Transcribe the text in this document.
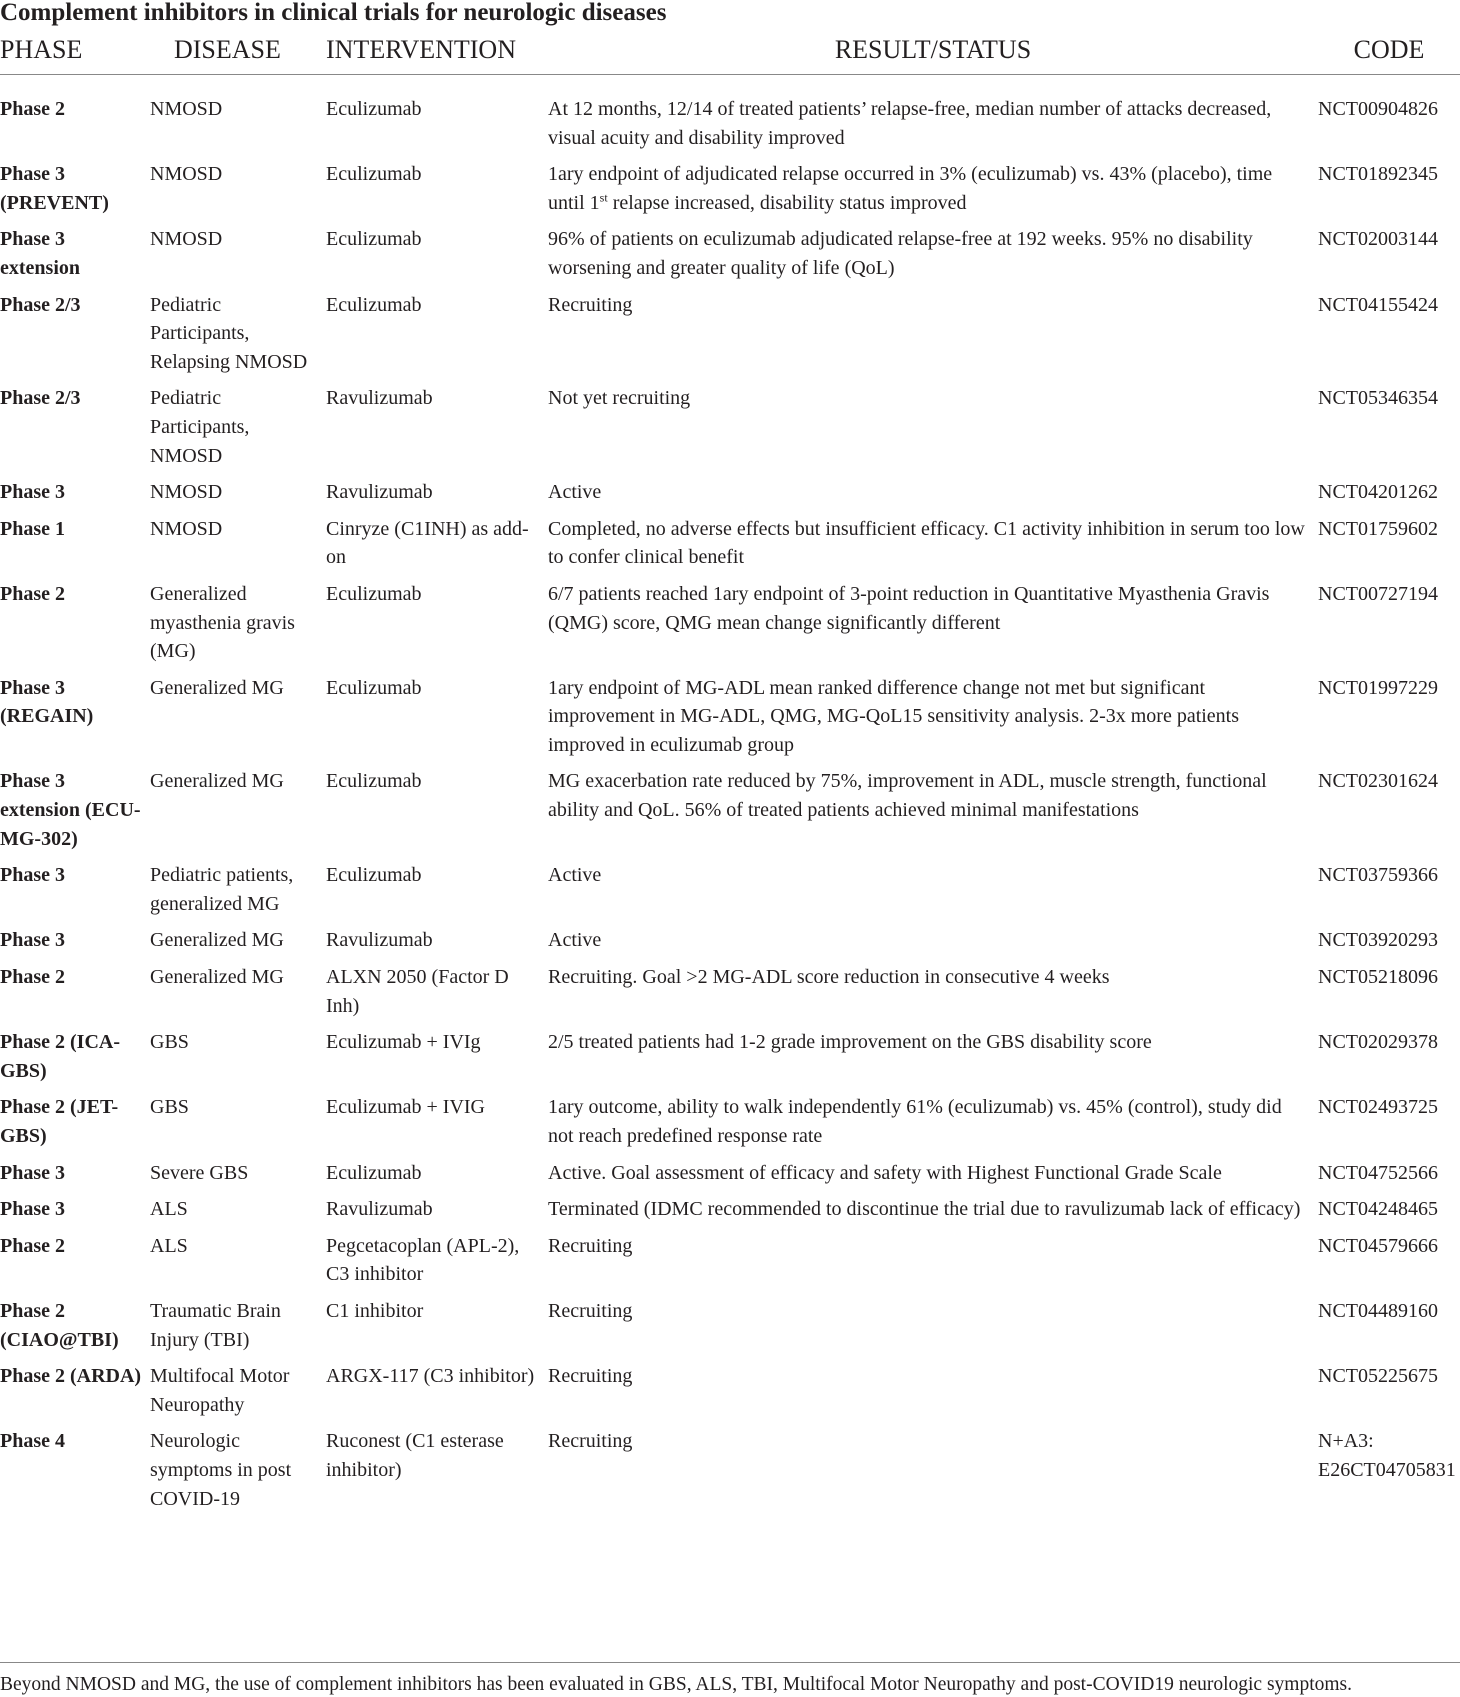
Complement inhibitors in clinical trials for neurologic diseases
PHASE	DISEASE	INTERVENTION	RESULT/STATUS	CODE
Phase 2	NMOSD	Eculizumab	At 12 months, 12/14 of treated patients’ relapse-free, median number of attacks decreased, visual acuity and disability improved	NCT00904826
Phase 3 (PREVENT)	NMOSD	Eculizumab	1ary endpoint of adjudicated relapse occurred in 3% (eculizumab) vs. 43% (placebo), time until 1st relapse increased, disability status improved	NCT01892345
Phase 3 extension	NMOSD	Eculizumab	96% of patients on eculizumab adjudicated relapse-free at 192 weeks. 95% no disability worsening and greater quality of life (QoL)	NCT02003144
Phase 2/3	Pediatric Participants, Relapsing NMOSD	Eculizumab	Recruiting	NCT04155424
Phase 2/3	Pediatric Participants, NMOSD	Ravulizumab	Not yet recruiting	NCT05346354
Phase 3	NMOSD	Ravulizumab	Active	NCT04201262
Phase 1	NMOSD	Cinryze (C1INH) as add-on	Completed, no adverse effects but insufficient efficacy. C1 activity inhibition in serum too low to confer clinical benefit	NCT01759602
Phase 2	Generalized myasthenia gravis (MG)	Eculizumab	6/7 patients reached 1ary endpoint of 3-point reduction in Quantitative Myasthenia Gravis (QMG) score, QMG mean change significantly different	NCT00727194
Phase 3 (REGAIN)	Generalized MG	Eculizumab	1ary endpoint of MG-ADL mean ranked difference change not met but significant improvement in MG-ADL, QMG, MG-QoL15 sensitivity analysis. 2-3x more patients improved in eculizumab group	NCT01997229
Phase 3 extension (ECU-MG-302)	Generalized MG	Eculizumab	MG exacerbation rate reduced by 75%, improvement in ADL, muscle strength, functional ability and QoL. 56% of treated patients achieved minimal manifestations	NCT02301624
Phase 3	Pediatric patients, generalized MG	Eculizumab	Active	NCT03759366
Phase 3	Generalized MG	Ravulizumab	Active	NCT03920293
Phase 2	Generalized MG	ALXN 2050 (Factor D Inh)	Recruiting. Goal >2 MG-ADL score reduction in consecutive 4 weeks	NCT05218096
Phase 2 (ICA-GBS)	GBS	Eculizumab + IVIg	2/5 treated patients had 1-2 grade improvement on the GBS disability score	NCT02029378
Phase 2 (JET-GBS)	GBS	Eculizumab + IVIG	1ary outcome, ability to walk independently 61% (eculizumab) vs. 45% (control), study did not reach predefined response rate	NCT02493725
Phase 3	Severe GBS	Eculizumab	Active. Goal assessment of efficacy and safety with Highest Functional Grade Scale	NCT04752566
Phase 3	ALS	Ravulizumab	Terminated (IDMC recommended to discontinue the trial due to ravulizumab lack of efficacy)	NCT04248465
Phase 2	ALS	Pegcetacoplan (APL-2), C3 inhibitor	Recruiting	NCT04579666
Phase 2 (CIAO@TBI)	Traumatic Brain Injury (TBI)	C1 inhibitor	Recruiting	NCT04489160
Phase 2 (ARDA)	Multifocal Motor Neuropathy	ARGX-117 (C3 inhibitor)	Recruiting	NCT05225675
Phase 4	Neurologic symptoms in post COVID-19	Ruconest (C1 esterase inhibitor)	Recruiting	N+A3: E26CT04705831
Beyond NMOSD and MG, the use of complement inhibitors has been evaluated in GBS, ALS, TBI, Multifocal Motor Neuropathy and post-COVID19 neurologic symptoms.
